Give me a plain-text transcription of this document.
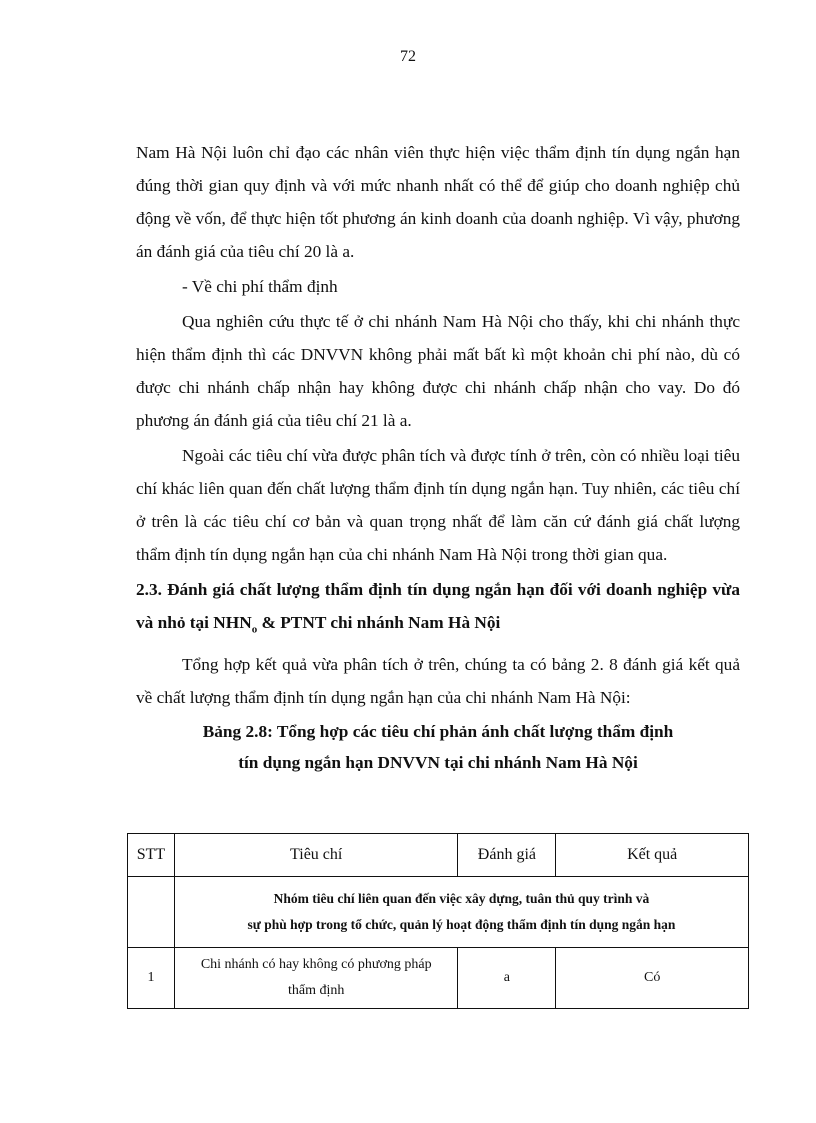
72

Nam Hà Nội luôn chỉ đạo các nhân viên thực hiện việc thẩm định tín dụng ngắn hạn đúng thời gian quy định và với mức nhanh nhất có thể để giúp cho doanh nghiệp chủ động về vốn, để thực hiện tốt phương án kinh doanh của doanh nghiệp. Vì vậy, phương án đánh giá của tiêu chí 20 là a.

- Về chi phí thẩm định

Qua nghiên cứu thực tế ở chi nhánh Nam Hà Nội cho thấy, khi chi nhánh thực hiện thẩm định thì các DNVVN không phải mất bất kì một khoản chi phí nào, dù có được chi nhánh chấp nhận hay không được chi nhánh chấp nhận cho vay. Do đó phương án đánh giá của tiêu chí 21 là a.

Ngoài các tiêu chí vừa được phân tích và được tính ở trên, còn có nhiều loại tiêu chí khác liên quan đến chất lượng thẩm định tín dụng ngắn hạn. Tuy nhiên, các tiêu chí ở trên là các tiêu chí cơ bản và quan trọng nhất để làm căn cứ đánh giá chất lượng thẩm định tín dụng ngắn hạn của chi nhánh Nam Hà Nội trong thời gian qua.

2.3. Đánh giá chất lượng thẩm định tín dụng ngắn hạn đối với doanh nghiệp vừa và nhỏ tại $NHN_o$ & PTNT chi nhánh Nam Hà Nội

Tổng hợp kết quả vừa phân tích ở trên, chúng ta có bảng 2. 8 đánh giá kết quả về chất lượng thẩm định tín dụng ngắn hạn của chi nhánh Nam Hà Nội:

Bảng 2.8: Tổng hợp các tiêu chí phản ánh chất lượng thẩm định
tín dụng ngắn hạn DNVVN tại chi nhánh Nam Hà Nội
STT	Tiêu chí	Đánh giá	Kết quả

	Nhóm tiêu chí liên quan đến việc xây dựng, tuân thủ quy trình và
sự phù hợp trong tổ chức, quản lý hoạt động thẩm định tín dụng ngắn hạn		

1	Chi nhánh có hay không có phương pháp
thẩm định	a	Có
